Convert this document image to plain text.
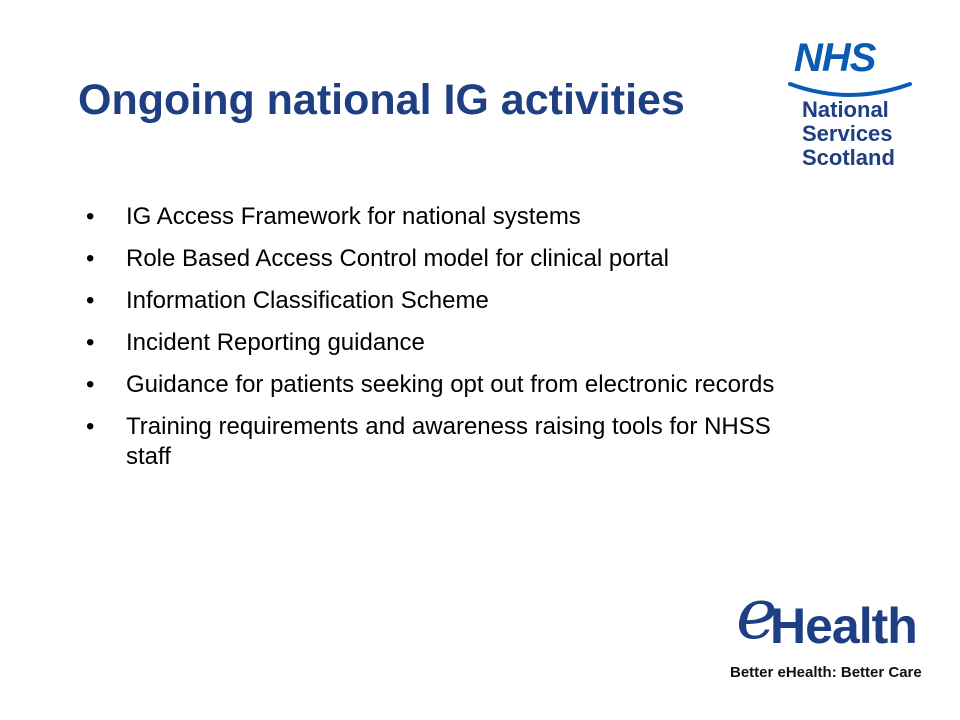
Ongoing national IG activities
•	IG Access Framework for national systems
•	Role Based Access Control model for clinical portal
•	Information Classification Scheme
•	Incident Reporting guidance
•	Guidance for patients seeking opt out from electronic records
•	Training requirements and awareness raising tools for NHSS staff
NHS
National
Services
Scotland
e
Health
Better eHealth: Better Care
